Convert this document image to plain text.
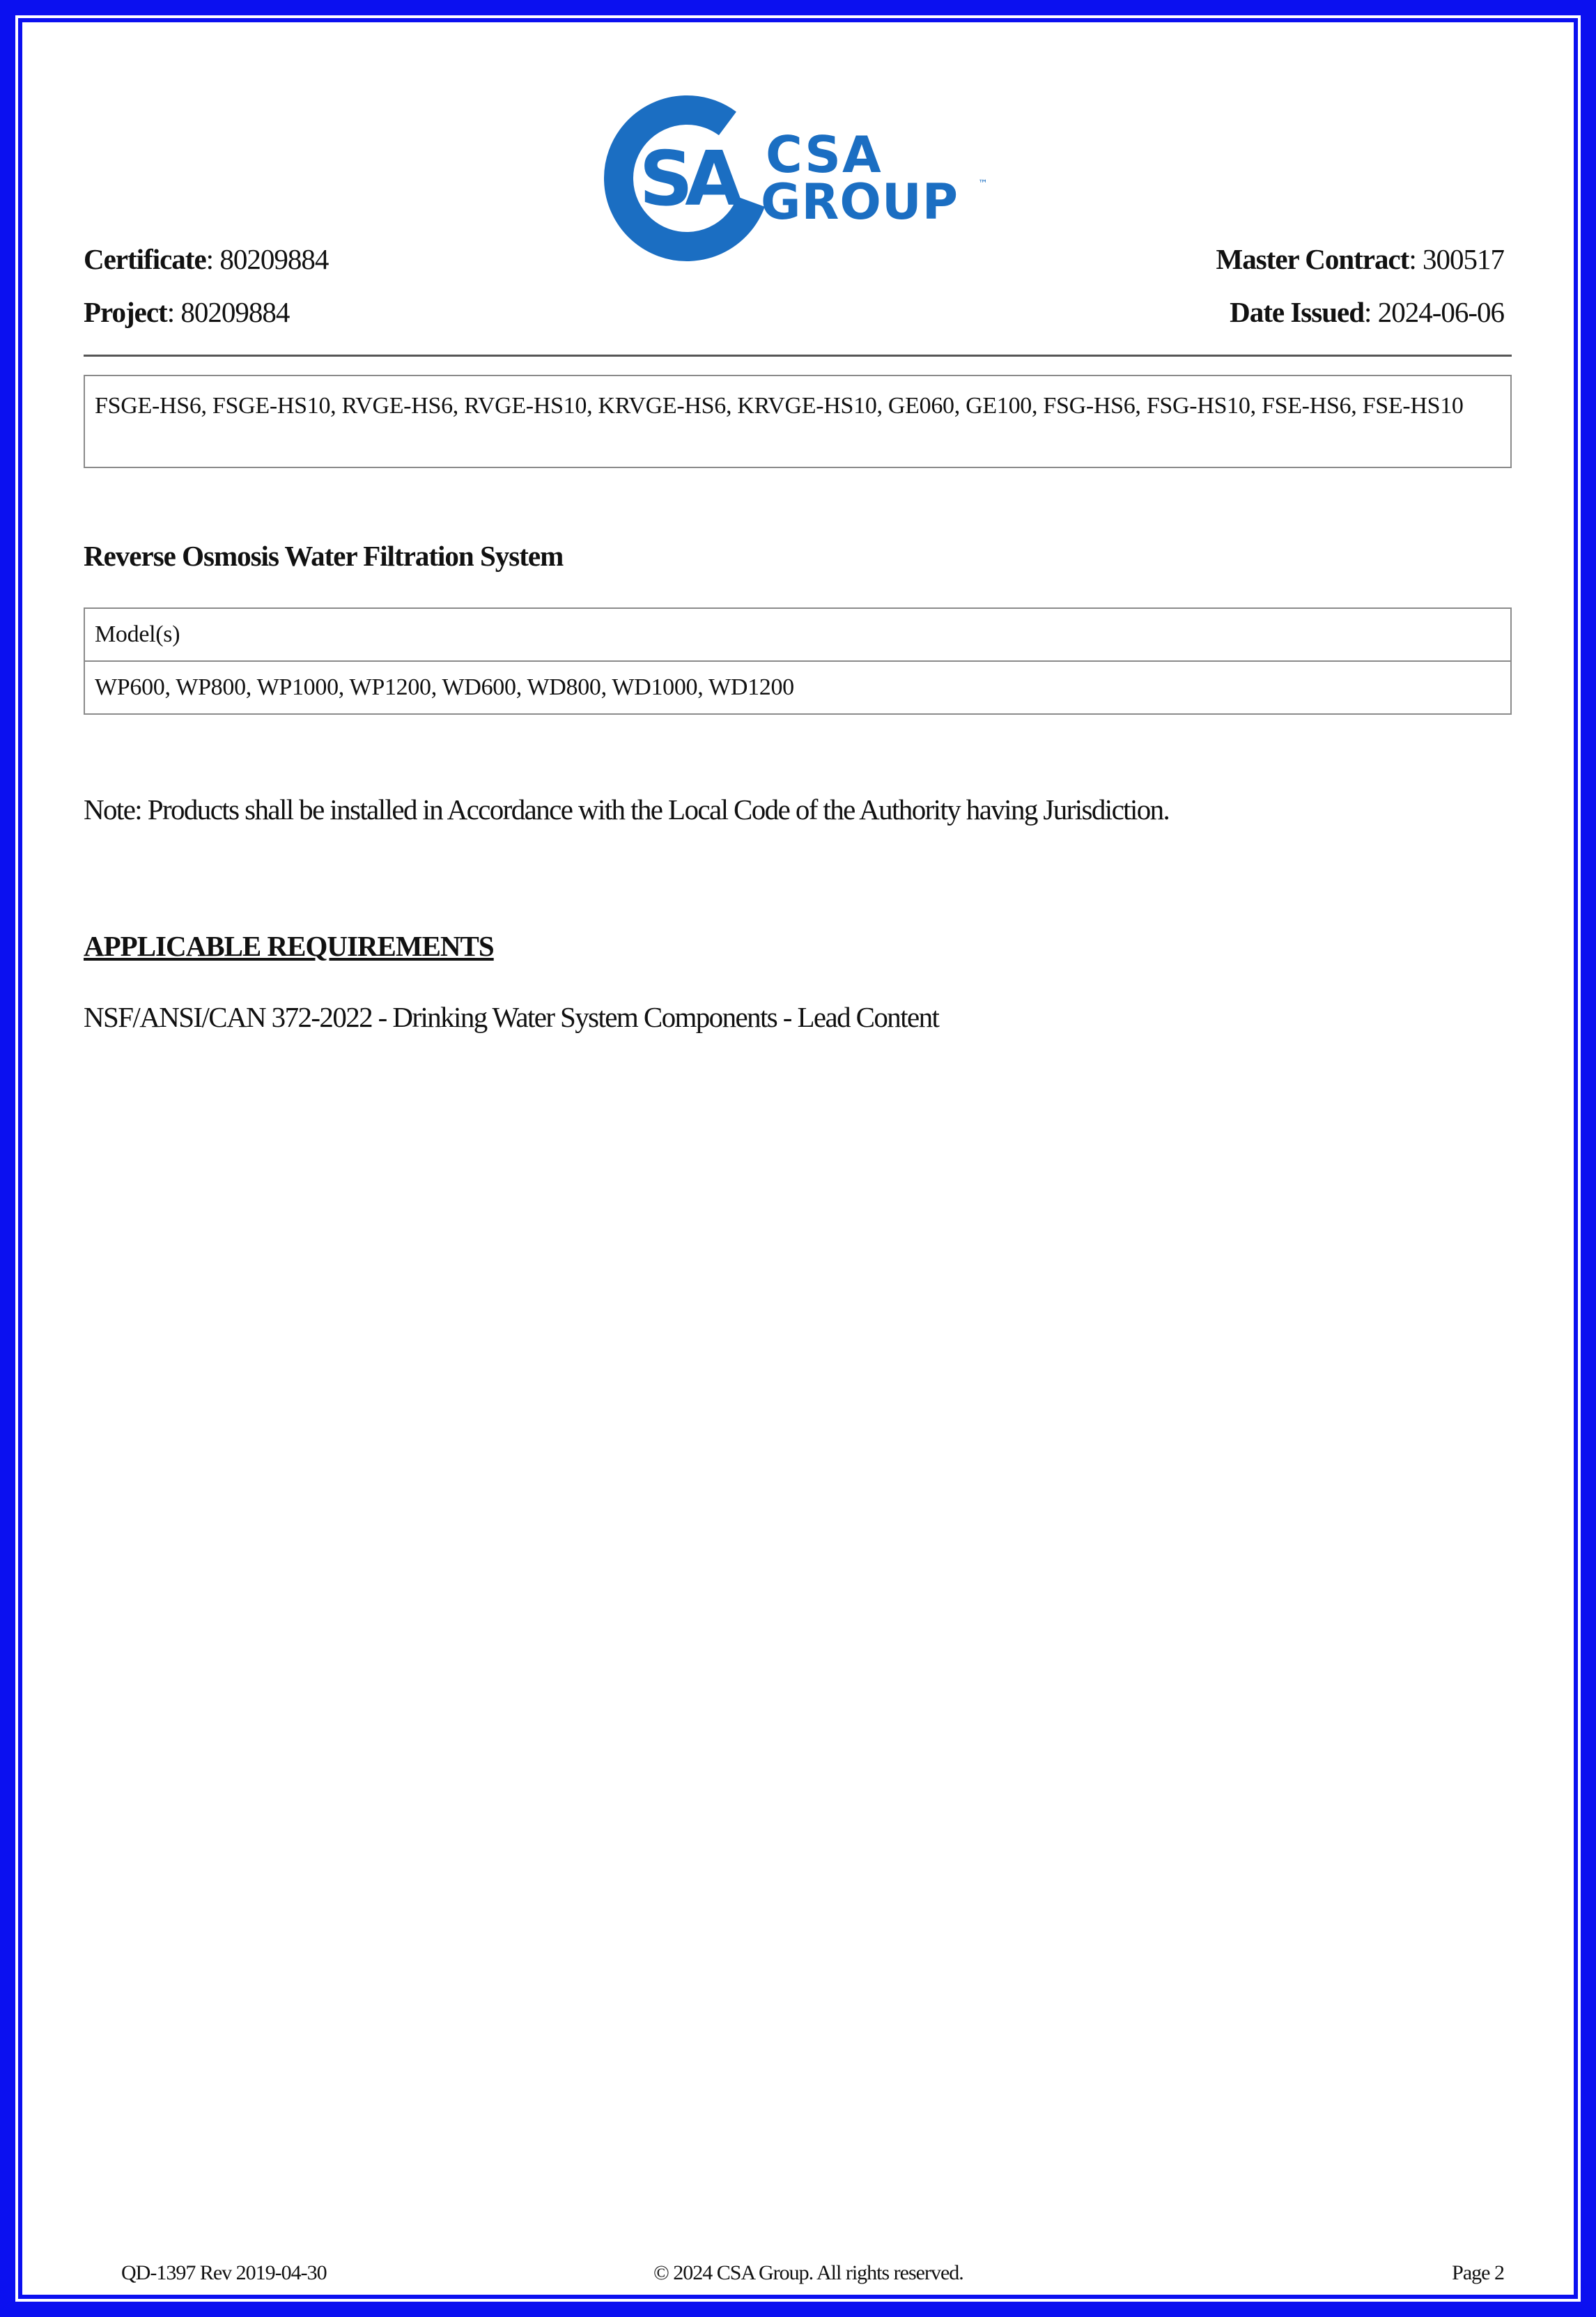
SA CSA
GROUP ™
Certificate: 80209884
Project: 80209884
Master Contract: 300517
Date Issued: 2024-06-06
FSGE-HS6, FSGE-HS10, RVGE-HS6, RVGE-HS10, KRVGE-HS6, KRVGE-HS10, GE060, GE100, FSG-HS6, FSG-HS10, FSE-HS6, FSE-HS10
Reverse Osmosis Water Filtration System
Model(s)
WP600, WP800, WP1000, WP1200, WD600, WD800, WD1000, WD1200
Note: Products shall be installed in Accordance with the Local Code of the Authority having Jurisdiction.
APPLICABLE REQUIREMENTS
NSF/ANSI/CAN 372-2022 - Drinking Water System Components - Lead Content
QD-1397 Rev 2019-04-30	© 2024 CSA Group. All rights reserved.	Page 2
